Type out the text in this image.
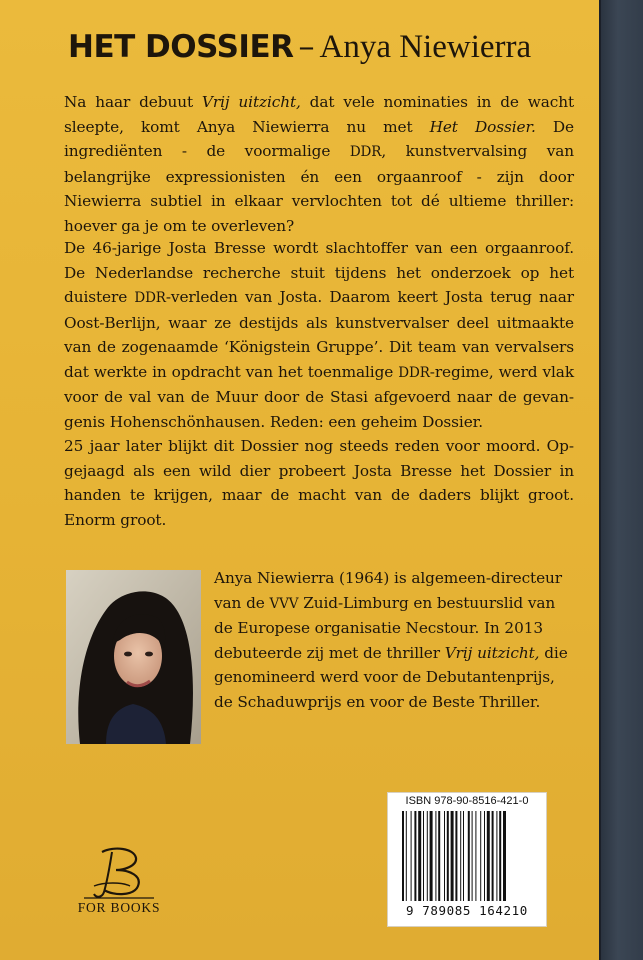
HET DOSSIER – Anya Niewierra

Na haar debuut Vrij uitzicht, dat vele nominaties in de wacht sleepte, komt Anya Niewierra nu met Het Dossier. De ingrediënten - de voormalige DDR, kunstvervalsing van belangrijke expressionisten én een orgaanroof - zijn door Niewierra subtiel in elkaar vervlochten tot dé ultieme thriller: hoever ga je om te overleven?

De 46-jarige Josta Bresse wordt slachtoffer van een orgaanroof. De Nederlandse recherche stuit tijdens het onderzoek op het duistere DDR-verleden van Josta. Daarom keert Josta terug naar Oost-Berlijn, waar ze destijds als kunstvervalser deel uitmaakte van de zogenaamde ‘Königstein Gruppe’. Dit team van vervalsers dat werkte in opdracht van het toenmalige DDR-regime, werd vlak voor de val van de Muur door de Stasi afgevoerd naar de gevangenis Hohenschönhausen. Reden: een geheim Dossier.

25 jaar later blijkt dit Dossier nog steeds reden voor moord. Opgejaagd als een wild dier probeert Josta Bresse het Dossier in handen te krijgen, maar de macht van de daders blijkt groot. Enorm groot.

Anya Niewierra (1964) is algemeen-directeur van de VVV Zuid-Limburg en bestuurslid van de Europese organisatie Necstour. In 2013 debuteerde zij met de thriller Vrij uitzicht, die genomineerd werd voor de Debutantenprijs, de Schaduwprijs en voor de Beste Thriller.

ISBN 978-90-8516-421-0
9 789085 164210
FOR BOOKS
